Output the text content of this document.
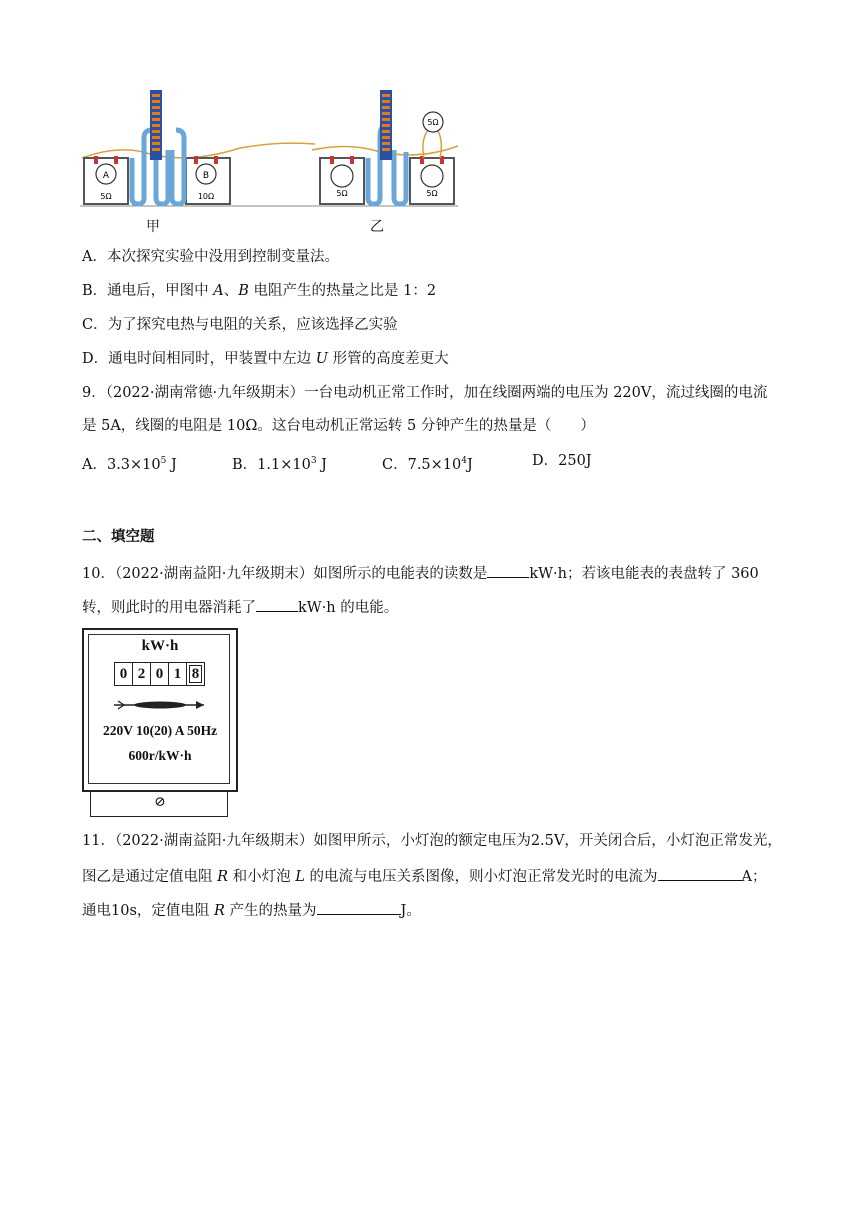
A
5Ω
B
10Ω	5Ω	5Ω
5Ω
甲	乙
A．本次探究实验中没用到控制变量法。
B．通电后，甲图中 A、B 电阻产生的热量之比是 1：2
C．为了探究电热与电阻的关系，应该选择乙实验
D．通电时间相同时，甲装置中左边 U 形管的高度差更大
9．（2022·湖南常德·九年级期末）一台电动机正常工作时，加在线圈两端的电压为 220V，流过线圈的电流
是 5A，线圈的电阻是 10Ω。这台电动机正常运转 5 分钟产生的热量是（　　）
A．$3.3\times 10^5$ J	B．$1.1\times 10^3$ J	C．$7.5\times 10^4J$	D．250J
二、填空题
10．（2022·湖南益阳·九年级期末）如图所示的电能表的读数是	kW·h；若该电能表的表盘转了 360
转，则此时的用电器消耗了	kW·h 的电能。
kW·h
0 2 0 1 8
220V 10(20) A 50Hz
600r/kW·h
⊘
11．（2022·湖南益阳·九年级期末）如图甲所示，小灯泡的额定电压为2.5V，开关闭合后，小灯泡正常发光，
图乙是通过定值电阻 R 和小灯泡 L 的电流与电压关系图像，则小灯泡正常发光时的电流为	A；
通电10s，定值电阻 R 产生的热量为	J。
